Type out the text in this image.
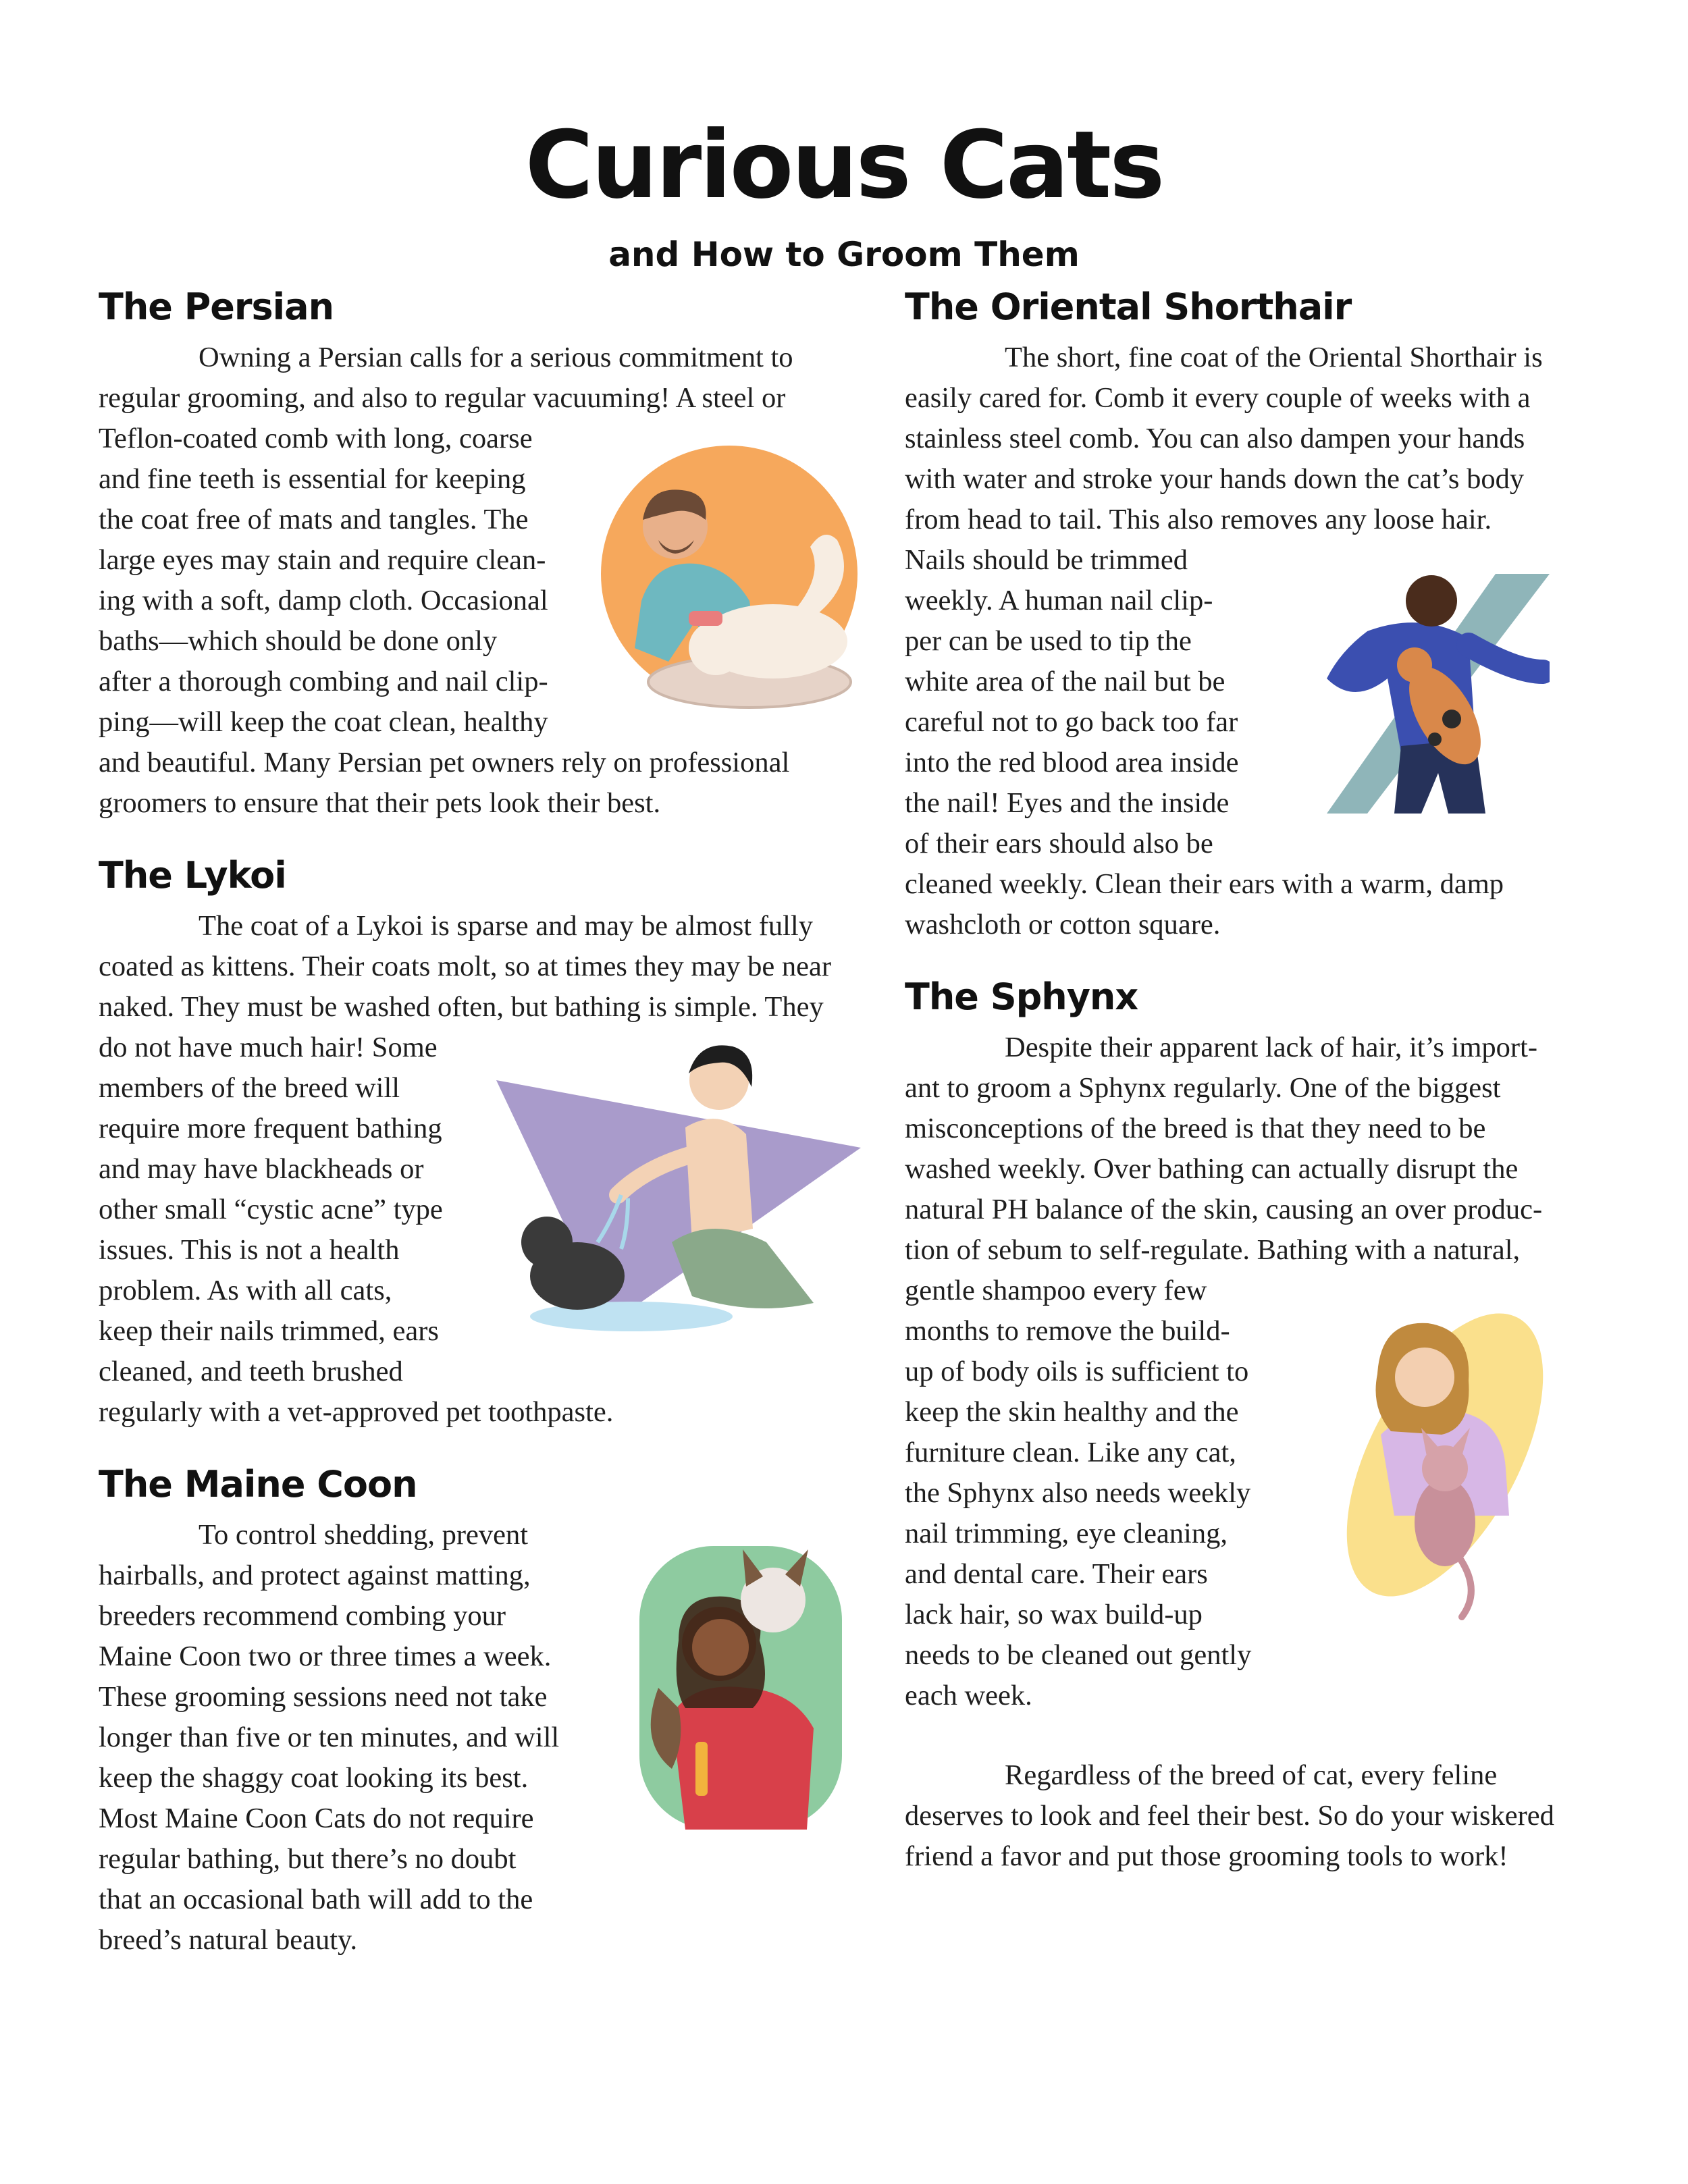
Curious Cats
and How to Groom Them
The Persian

Owning a Persian calls for a serious commitment to
regular grooming, and also to regular vacuuming! A steel or
Teflon-coated comb with long, coarse
and fine teeth is essential for keeping
the coat free of mats and tangles. The
large eyes may stain and require clean-
ing with a soft, damp cloth. Occasional
baths—which should be done only
after a thorough combing and nail clip-
ping—will keep the coat clean, healthy
and beautiful. Many Persian pet owners rely on professional
groomers to ensure that their pets look their best.

The Lykoi

The coat of a Lykoi is sparse and may be almost fully
coated as kittens. Their coats molt, so at times they may be near
naked. They must be washed often, but bathing is simple. They
do not have much hair! Some
members of the breed will
require more frequent bathing
and may have blackheads or
other small “cystic acne” type
issues. This is not a health
problem. As with all cats,
keep their nails trimmed, ears
cleaned, and teeth brushed
regularly with a vet-approved pet toothpaste.

The Maine Coon

To control shedding, prevent
hairballs, and protect against matting,
breeders recommend combing your
Maine Coon two or three times a week.
These grooming sessions need not take
longer than five or ten minutes, and will
keep the shaggy coat looking its best.
Most Maine Coon Cats do not require
regular bathing, but there’s no doubt
that an occasional bath will add to the
breed’s natural beauty.

The Oriental Shorthair

The short, fine coat of the Oriental Shorthair is
easily cared for. Comb it every couple of weeks with a
stainless steel comb. You can also dampen your hands
with water and stroke your hands down the cat’s body
from head to tail. This also removes any loose hair.
Nails should be trimmed
weekly. A human nail clip-
per can be used to tip the
white area of the nail but be
careful not to go back too far
into the red blood area inside
the nail! Eyes and the inside
of their ears should also be
cleaned weekly. Clean their ears with a warm, damp
washcloth or cotton square.

The Sphynx

Despite their apparent lack of hair, it’s import-
ant to groom a Sphynx regularly. One of the biggest
misconceptions of the breed is that they need to be
washed weekly. Over bathing can actually disrupt the
natural PH balance of the skin, causing an over produc-
tion of sebum to self-regulate. Bathing with a natural,
gentle shampoo every few
months to remove the build-
up of body oils is sufficient to
keep the skin healthy and the
furniture clean. Like any cat,
the Sphynx also needs weekly
nail trimming, eye cleaning,
and dental care. Their ears
lack hair, so wax build-up
needs to be cleaned out gently
each week.

Regardless of the breed of cat, every feline
deserves to look and feel their best. So do your wiskered
friend a favor and put those grooming tools to work!
